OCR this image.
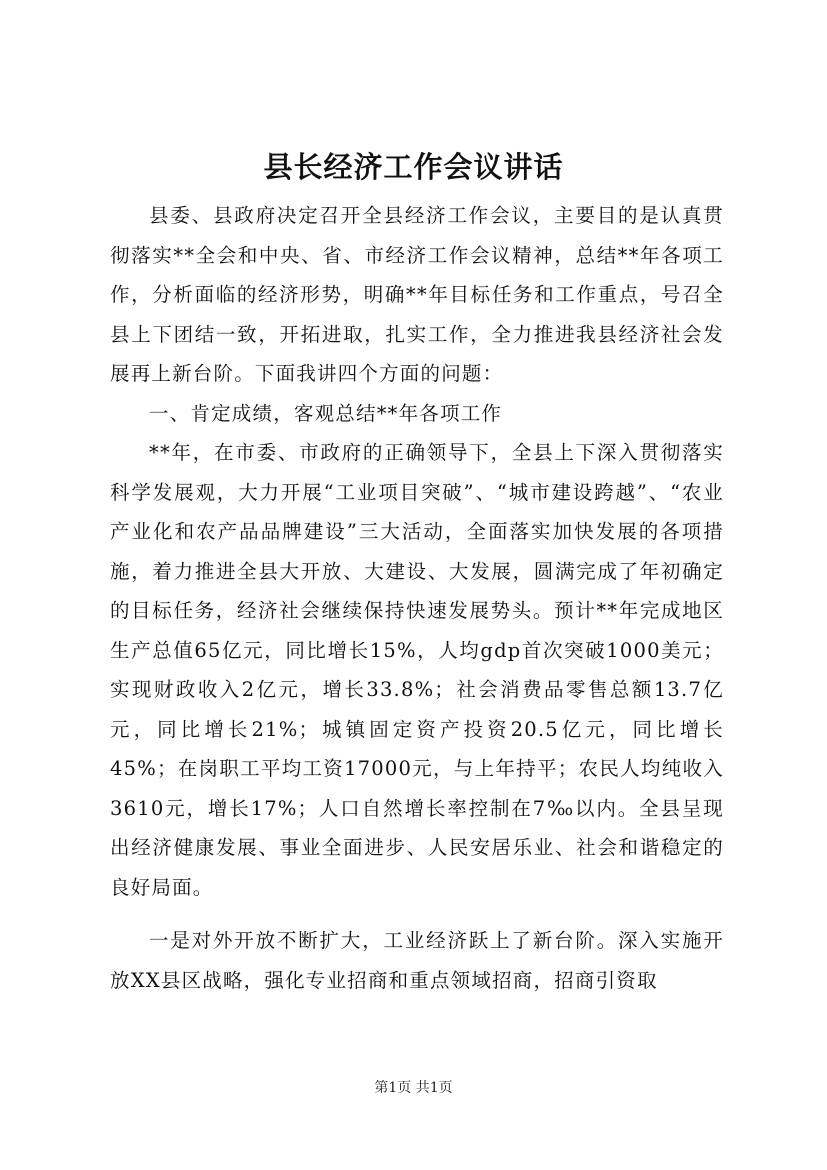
县长经济工作会议讲话

县委、县政府决定召开全县经济工作会议，主要目的是认真贯彻落实**全会和中央、省、市经济工作会议精神，总结**年各项工作，分析面临的经济形势，明确**年目标任务和工作重点，号召全县上下团结一致，开拓进取，扎实工作，全力推进我县经济社会发展再上新台阶。下面我讲四个方面的问题：

一、肯定成绩，客观总结**年各项工作

**年，在市委、市政府的正确领导下，全县上下深入贯彻落实科学发展观，大力开展“工业项目突破”、“城市建设跨越”、“农业产业化和农产品品牌建设”三大活动，全面落实加快发展的各项措施，着力推进全县大开放、大建设、大发展，圆满完成了年初确定的目标任务，经济社会继续保持快速发展势头。预计**年完成地区生产总值65亿元，同比增长15%，人均gdp首次突破1000美元；实现财政收入2亿元，增长33.8%；社会消费品零售总额13.7亿元，同比增长21%；城镇固定资产投资20.5亿元，同比增长45%；在岗职工平均工资17000元，与上年持平；农民人均纯收入3610元，增长17%；人口自然增长率控制在7‰以内。全县呈现出经济健康发展、事业全面进步、人民安居乐业、社会和谐稳定的良好局面。

一是对外开放不断扩大，工业经济跃上了新台阶。深入实施开放XX县区战略，强化专业招商和重点领域招商，招商引资取

第1页 共1页
